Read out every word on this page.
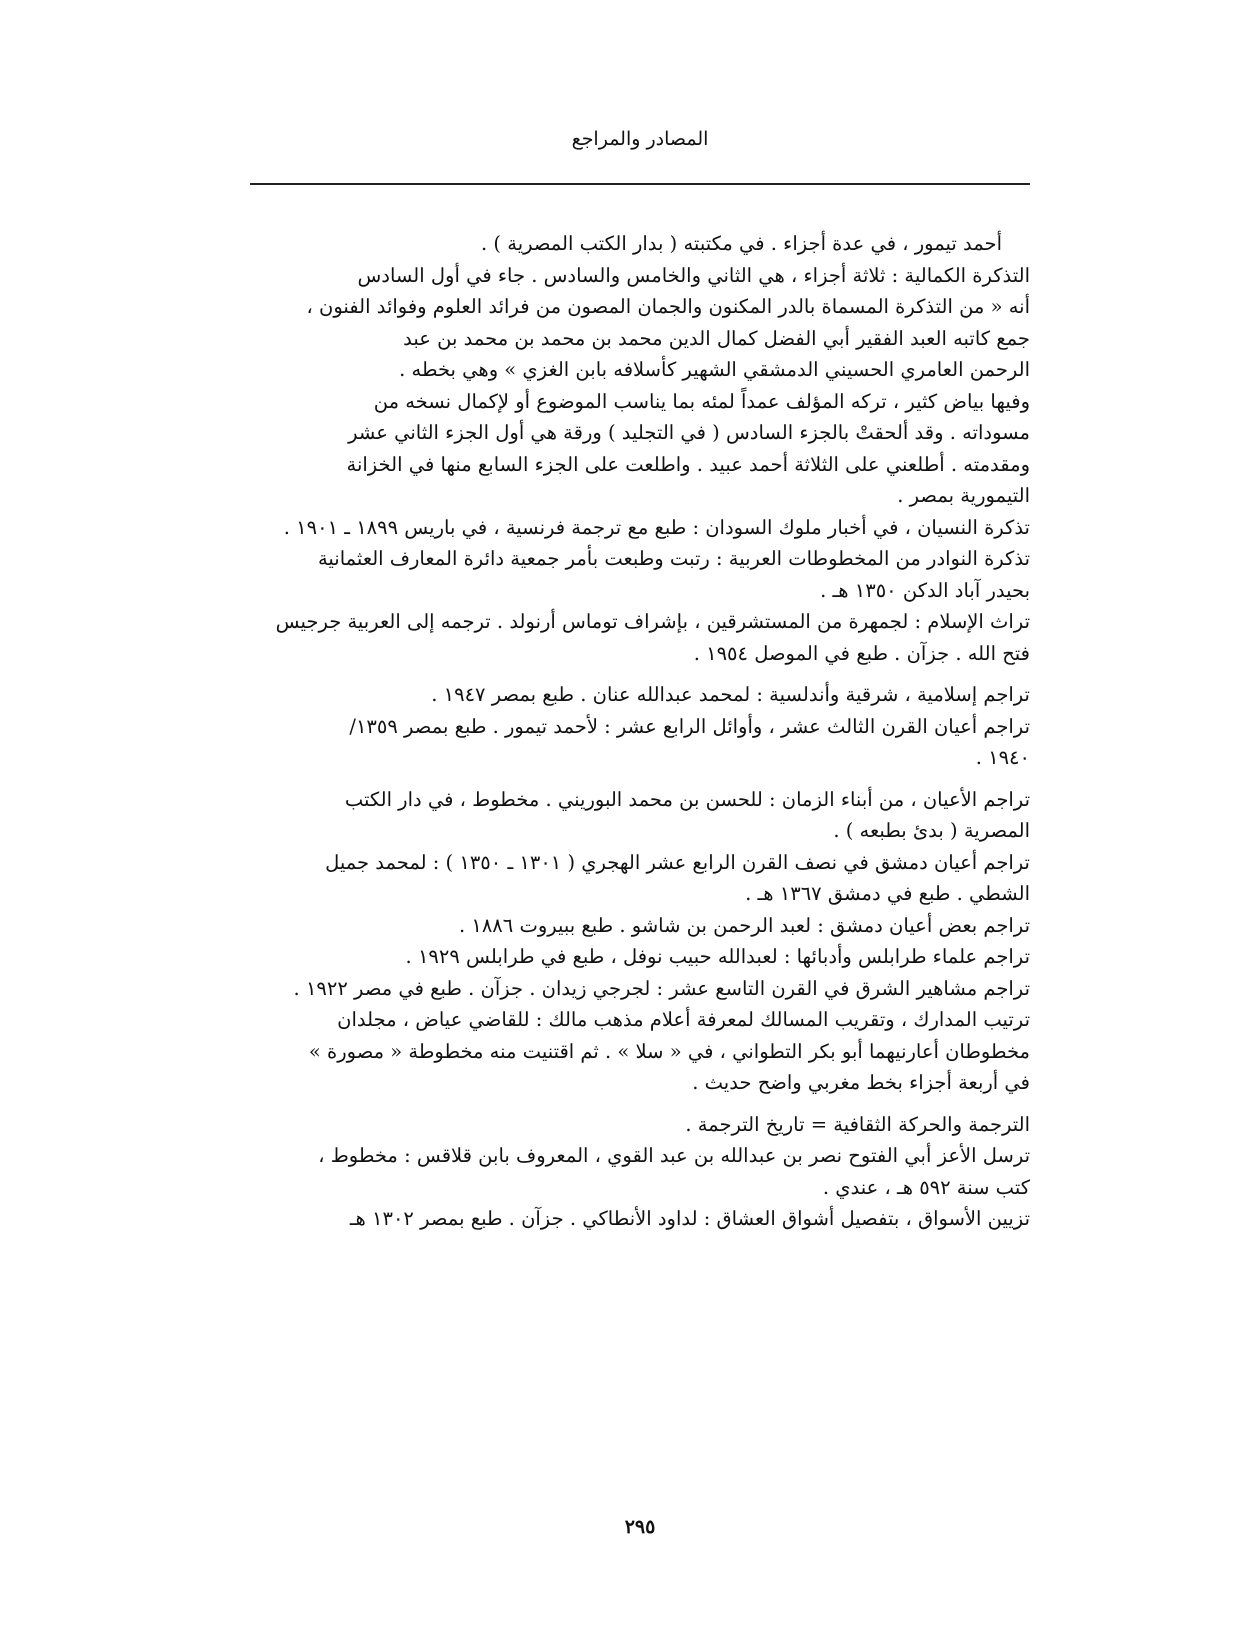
المصادر والمراجع
أحمد تيمور ، في عدة أجزاء . في مكتبته ( بدار الكتب المصرية ) .
التذكرة الكمالية : ثلاثة أجزاء ، هي الثاني والخامس والسادس . جاء في أول السادس
أنه « من التذكرة المسماة بالدر المكنون والجمان المصون من فرائد العلوم وفوائد الفنون ،
جمع كاتبه العبد الفقير أبي الفضل كمال الدين محمد بن محمد بن محمد بن عبد
الرحمن العامري الحسيني الدمشقي الشهير كأسلافه بابن الغزي » وهي بخطه .
وفيها بياض كثير ، تركه المؤلف عمداً لمئه بما يناسب الموضوع أو لإكمال نسخه من
مسوداته . وقد ألحقتْ بالجزء السادس ( في التجليد ) ورقة هي أول الجزء الثاني عشر
ومقدمته . أطلعني على الثلاثة أحمد عبيد . واطلعت على الجزء السابع منها في الخزانة
التيمورية بمصر .
تذكرة النسيان ، في أخبار ملوك السودان : طبع مع ترجمة فرنسية ، في باريس ١٨٩٩ ـ ١٩٠١ .
تذكرة النوادر من المخطوطات العربية : رتبت وطبعت بأمر جمعية دائرة المعارف العثمانية
بحيدر آباد الدكن ١٣٥٠ هـ .
تراث الإسلام : لجمهرة من المستشرقين ، بإشراف توماس أرنولد . ترجمه إلى العربية جرجيس
فتح الله . جزآن . طبع في الموصل ١٩٥٤ .
تراجم إسلامية ، شرقية وأندلسية : لمحمد عبدالله عنان . طبع بمصر ١٩٤٧ .
تراجم أعيان القرن الثالث عشر ، وأوائل الرابع عشر : لأحمد تيمور . طبع بمصر ١٣٥٩/
١٩٤٠ .
تراجم الأعيان ، من أبناء الزمان : للحسن بن محمد البوريني . مخطوط ، في دار الكتب
المصرية ( بدئ بطبعه ) .
تراجم أعيان دمشق في نصف القرن الرابع عشر الهجري ( ١٣٠١ ـ ١٣٥٠ ) : لمحمد جميل
الشطي . طبع في دمشق ١٣٦٧ هـ .
تراجم بعض أعيان دمشق : لعبد الرحمن بن شاشو . طبع ببيروت ١٨٨٦ .
تراجم علماء طرابلس وأدبائها : لعبدالله حبيب نوفل ، طبع في طرابلس ١٩٢٩ .
تراجم مشاهير الشرق في القرن التاسع عشر : لجرجي زيدان . جزآن . طبع في مصر ١٩٢٢ .
ترتيب المدارك ، وتقريب المسالك لمعرفة أعلام مذهب مالك : للقاضي عياض ، مجلدان
مخطوطان أعارنيهما أبو بكر التطواني ، في « سلا » . ثم اقتنيت منه مخطوطة « مصورة »
في أربعة أجزاء بخط مغربي واضح حديث .
الترجمة والحركة الثقافية = تاريخ الترجمة .
ترسل الأعز أبي الفتوح نصر بن عبدالله بن عبد القوي ، المعروف بابن قلاقس : مخطوط ،
كتب سنة ٥٩٢ هـ ، عندي .
تزيين الأسواق ، بتفصيل أشواق العشاق : لداود الأنطاكي . جزآن . طبع بمصر ١٣٠٢ هـ
٢٩٥
